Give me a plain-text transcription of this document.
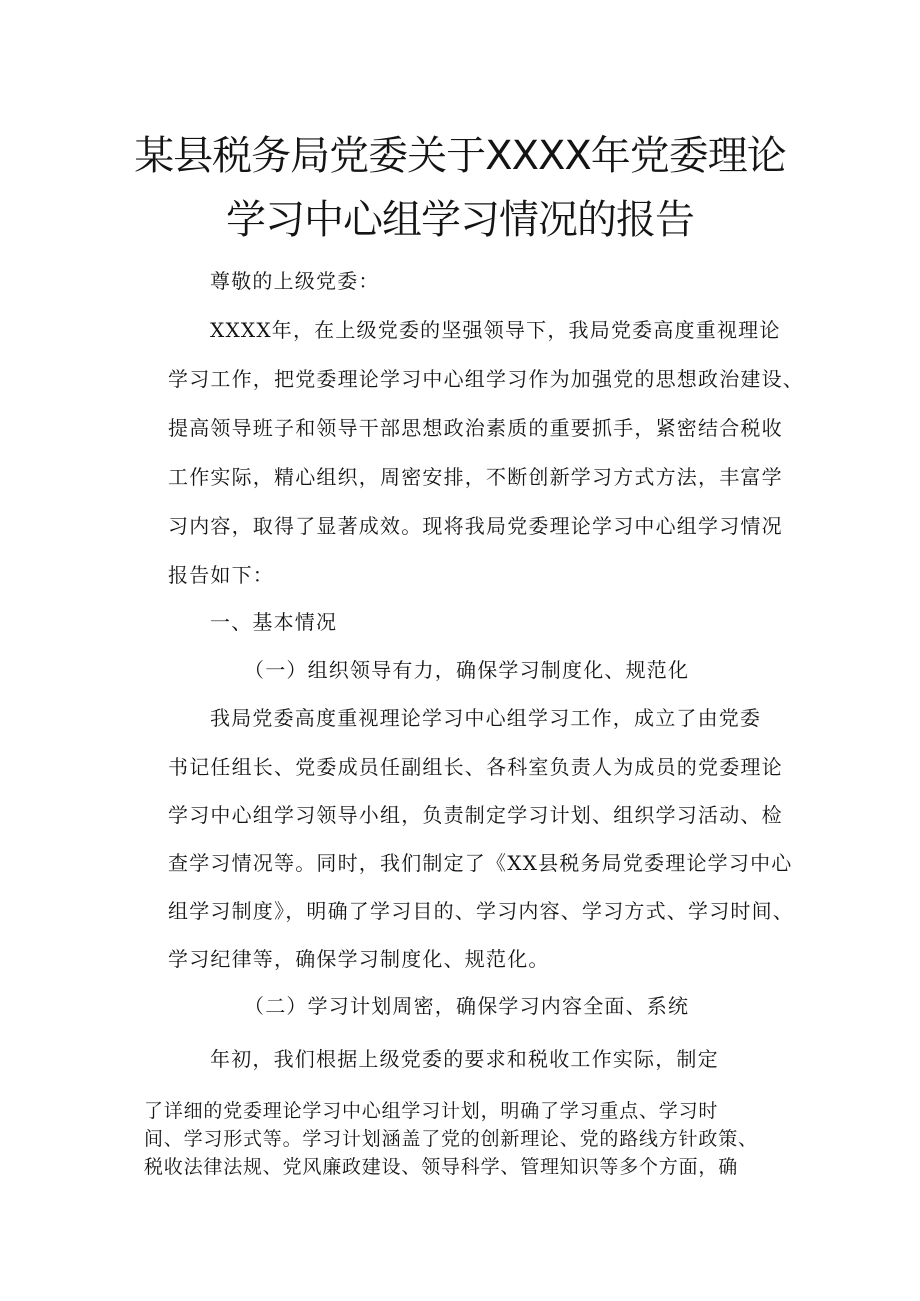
某县税务局党委关于XXXX年党委理论
学习中心组学习情况的报告
尊敬的上级党委：
XXXX年，在上级党委的坚强领导下，我局党委高度重视理论
学习工作，把党委理论学习中心组学习作为加强党的思想政治建设、
提高领导班子和领导干部思想政治素质的重要抓手，紧密结合税收
工作实际，精心组织，周密安排，不断创新学习方式方法，丰富学
习内容，取得了显著成效。现将我局党委理论学习中心组学习情况
报告如下：
一、基本情况
（一）组织领导有力，确保学习制度化、规范化
我局党委高度重视理论学习中心组学习工作，成立了由党委
书记任组长、党委成员任副组长、各科室负责人为成员的党委理论
学习中心组学习领导小组，负责制定学习计划、组织学习活动、检
查学习情况等。同时，我们制定了《XX县税务局党委理论学习中心
组学习制度》，明确了学习目的、学习内容、学习方式、学习时间、
学习纪律等，确保学习制度化、规范化。
（二）学习计划周密，确保学习内容全面、系统
年初，我们根据上级党委的要求和税收工作实际，制定
了详细的党委理论学习中心组学习计划，明确了学习重点、学习时
间、学习形式等。学习计划涵盖了党的创新理论、党的路线方针政策、
税收法律法规、党风廉政建设、领导科学、管理知识等多个方面，确
